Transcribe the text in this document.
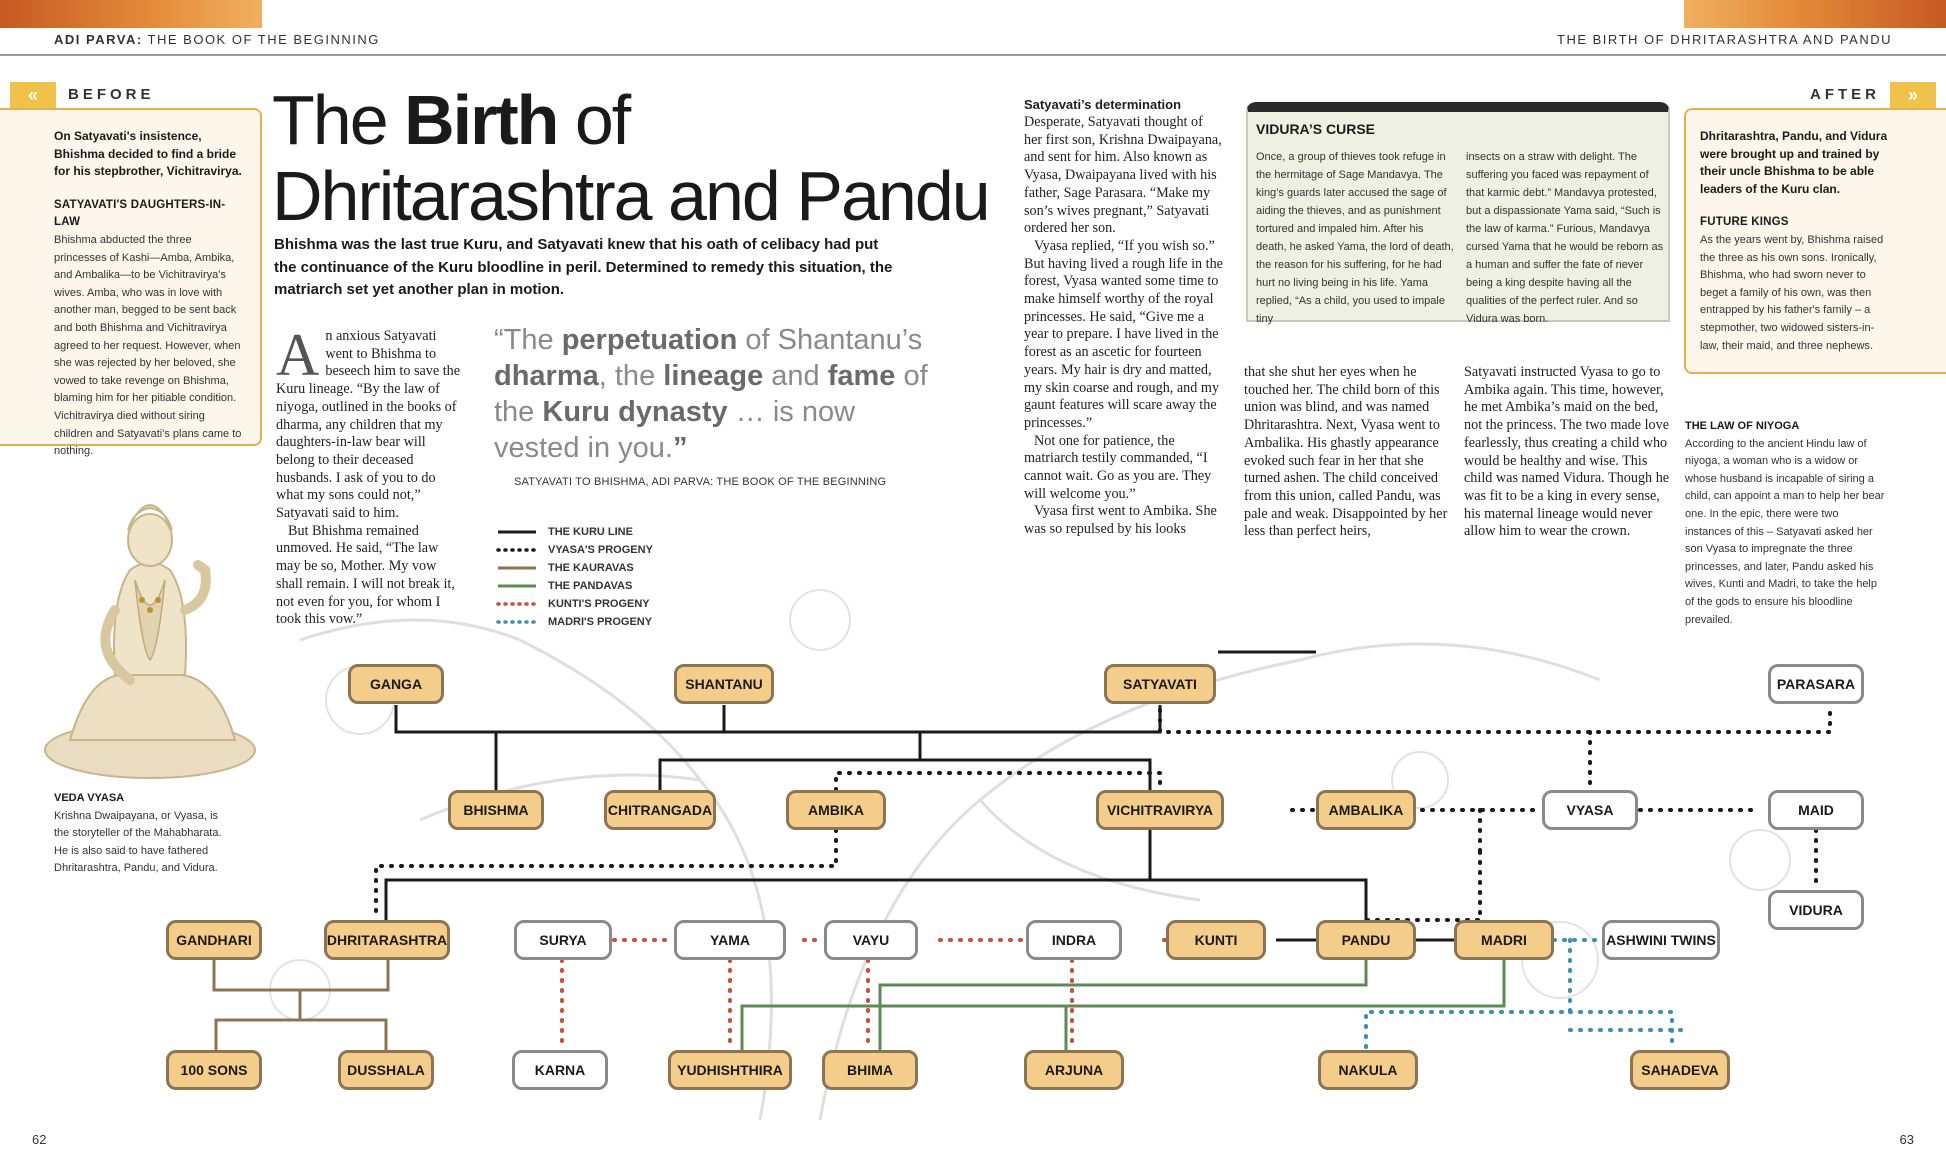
ADI PARVA: THE BOOK OF THE BEGINNING	THE BIRTH OF DHRITARASHTRA AND PANDU
«	BEFORE
On Satyavati's insistence, Bhishma decided to find a bride for his stepbrother, Vichitravirya.
SATYAVATI'S DAUGHTERS-IN-LAW
Bhishma abducted the three princesses of Kashi—Amba, Ambika, and Ambalika—to be Vichitravirya's wives. Amba, who was in love with another man, begged to be sent back and both Bhishma and Vichitravirya agreed to her request. However, when she was rejected by her beloved, she vowed to take revenge on Bhishma, blaming him for her pitiable condition. Vichitravirya died without siring children and Satyavati's plans came to nothing.
AFTER	»
Dhritarashtra, Pandu, and Vidura were brought up and trained by their uncle Bhishma to be able leaders of the Kuru clan.
FUTURE KINGS
As the years went by, Bhishma raised the three as his own sons. Ironically, Bhishma, who had sworn never to beget a family of his own, was then entrapped by his father's family – a stepmother, two widowed sisters-in-law, their maid, and three nephews.
The Birth of
Dhritarashtra and Pandu
Bhishma was the last true Kuru, and Satyavati knew that his oath of celibacy had put the continuance of the Kuru bloodline in peril. Determined to remedy this situation, the matriarch set yet another plan in motion.
A n anxious Satyavati went to Bhishma to beseech him to save the Kuru lineage. “By the law of niyoga, outlined in the books of dharma, any children that my daughters-in-law bear will belong to their deceased husbands. I ask of you to do what my sons could not,” Satyavati said to him.
But Bhishma remained unmoved. He said, “The law may be so, Mother. My vow shall remain. I will not break it, not even for you, for whom I took this vow.”
“The perpetuation of Shantanu’s dharma, the lineage and fame of the Kuru dynasty … is now vested in you.”
SATYAVATI TO BHISHMA, ADI PARVA: THE BOOK OF THE BEGINNING
THE KURU LINE
VYASA'S PROGENY
THE KAURAVAS
THE PANDAVAS
KUNTI'S PROGENY
MADRI'S PROGENY
Satyavati’s determination
Desperate, Satyavati thought of her first son, Krishna Dwaipayana, and sent for him. Also known as Vyasa, Dwaipayana lived with his father, Sage Parasara. “Make my son’s wives pregnant,” Satyavati ordered her son.
Vyasa replied, “If you wish so.” But having lived a rough life in the forest, Vyasa wanted some time to make himself worthy of the royal princesses. He said, “Give me a year to prepare. I have lived in the forest as an ascetic for fourteen years. My hair is dry and matted, my skin coarse and rough, and my gaunt features will scare away the princesses.”
Not one for patience, the matriarch testily commanded, “I cannot wait. Go as you are. They will welcome you.”
Vyasa first went to Ambika. She was so repulsed by his looks
that she shut her eyes when he touched her. The child born of this union was blind, and was named Dhritarashtra. Next, Vyasa went to Ambalika. His ghastly appearance evoked such fear in her that she turned ashen. The child conceived from this union, called Pandu, was pale and weak. Disappointed by her less than perfect heirs,
Satyavati instructed Vyasa to go to Ambika again. This time, however, he met Ambika’s maid on the bed, not the princess. The two made love fearlessly, thus creating a child who would be healthy and wise. This child was named Vidura. Though he was fit to be a king in every sense, his maternal lineage would never allow him to wear the crown.
VIDURA’S CURSE
Once, a group of thieves took refuge in the hermitage of Sage Mandavya. The king’s guards later accused the sage of aiding the thieves, and as punishment tortured and impaled him. After his death, he asked Yama, the lord of death, the reason for his suffering, for he had hurt no living being in his life. Yama replied, “As a child, you used to impale tiny
insects on a straw with delight. The suffering you faced was repayment of that karmic debt.” Mandavya protested, but a dispassionate Yama said, “Such is the law of karma.” Furious, Mandavya cursed Yama that he would be reborn as a human and suffer the fate of never being a king despite having all the qualities of the perfect ruler. And so Vidura was born.
THE LAW OF NIYOGA
According to the ancient Hindu law of niyoga, a woman who is a widow or whose husband is incapable of siring a child, can appoint a man to help her bear one. In the epic, there were two instances of this – Satyavati asked her son Vyasa to impregnate the three princesses, and later, Pandu asked his wives, Kunti and Madri, to take the help of the gods to ensure his bloodline prevailed.
VEDA VYASA
Krishna Dwaipayana, or Vyasa, is the storyteller of the Mahabharata. He is also said to have fathered Dhritarashtra, Pandu, and Vidura.
GANGA	SHANTANU	SATYAVATI	PARASARA
BHISHMA	CHITRANGADA	AMBIKA	VICHITRAVIRYA	AMBALIKA	VYASA	MAID
VIDURA
GANDHARI	DHRITARASHTRA	SURYA	YAMA	VAYU	INDRA	KUNTI	PANDU	MADRI	ASHWINI TWINS
100 SONS	DUSSHALA	KARNA	YUDHISHTHIRA	BHIMA	ARJUNA	NAKULA	SAHADEVA
62	63
